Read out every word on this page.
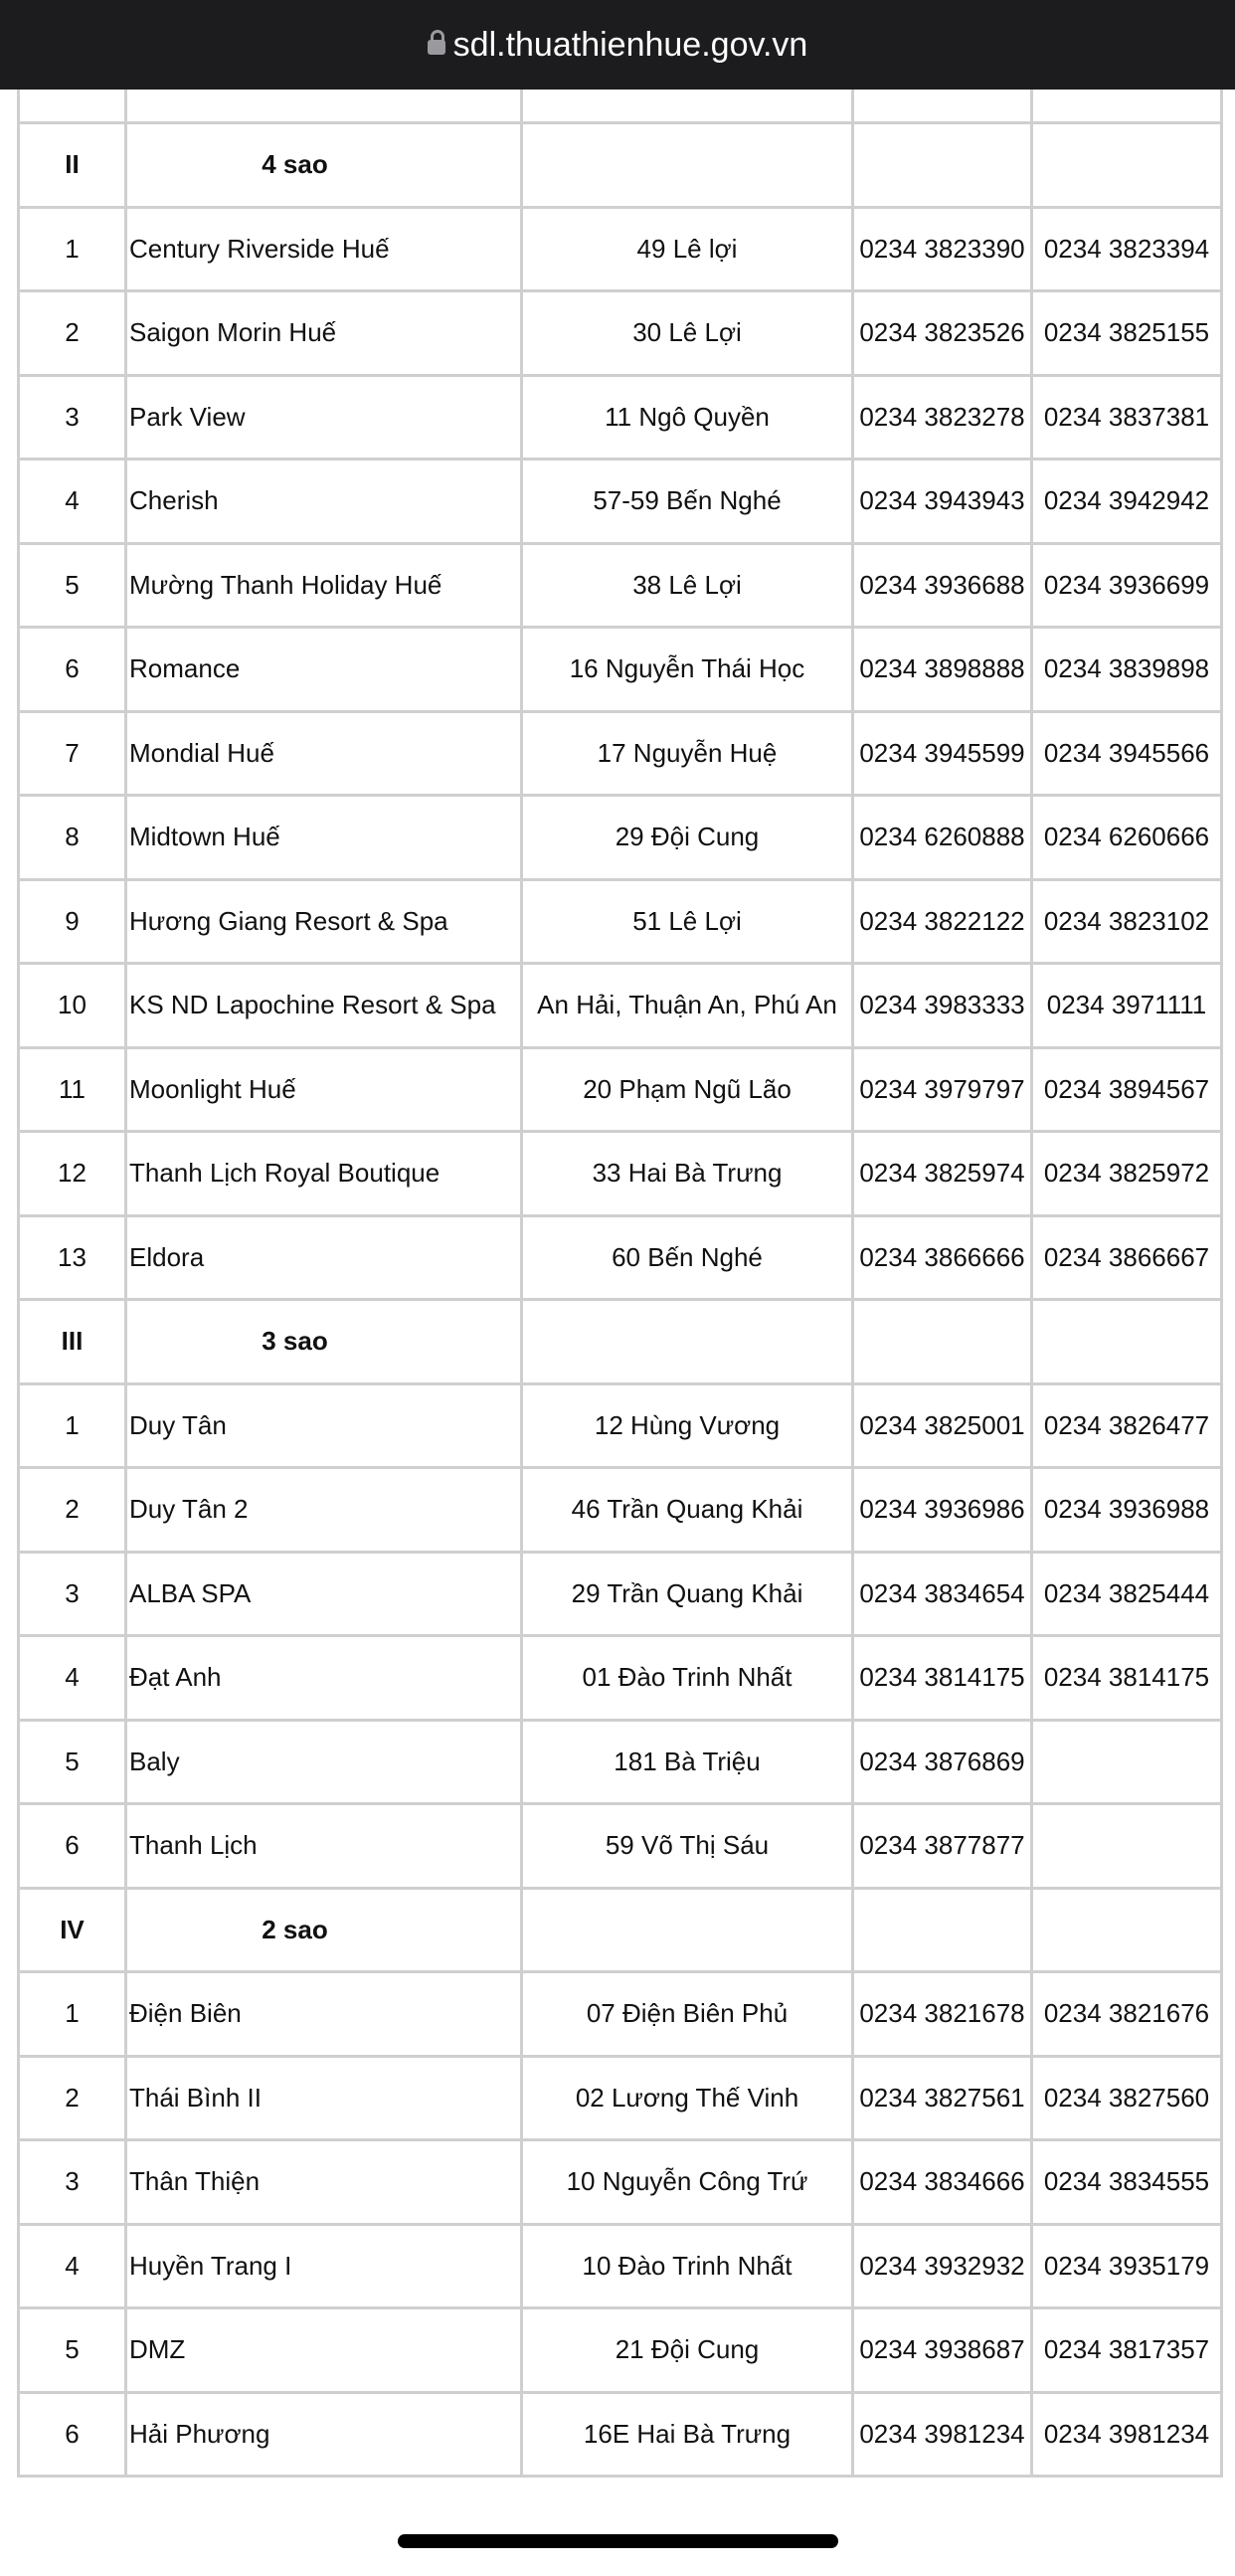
sdl.thuathienhue.gov.vn

II	4 sao			
1	Century Riverside Huế	49 Lê lợi	0234 3823390	0234 3823394
2	Saigon Morin Huế	30 Lê Lợi	0234 3823526	0234 3825155
3	Park View	11 Ngô Quyền	0234 3823278	0234 3837381
4	Cherish	57-59 Bến Nghé	0234 3943943	0234 3942942
5	Mường Thanh Holiday Huế	38 Lê Lợi	0234 3936688	0234 3936699
6	Romance	16 Nguyễn Thái Học	0234 3898888	0234 3839898
7	Mondial Huế	17 Nguyễn Huệ	0234 3945599	0234 3945566
8	Midtown Huế	29 Đội Cung	0234 6260888	0234 6260666
9	Hương Giang Resort & Spa	51 Lê Lợi	0234 3822122	0234 3823102
10	KS ND Lapochine Resort & Spa	An Hải, Thuận An, Phú An	0234 3983333	0234 3971111
11	Moonlight Huế	20 Phạm Ngũ Lão	0234 3979797	0234 3894567
12	Thanh Lịch Royal Boutique	33 Hai Bà Trưng	0234 3825974	0234 3825972
13	Eldora	60 Bến Nghé	0234 3866666	0234 3866667
III	3 sao			
1	Duy Tân	12 Hùng Vương	0234 3825001	0234 3826477
2	Duy Tân 2	46 Trần Quang Khải	0234 3936986	0234 3936988
3	ALBA SPA	29 Trần Quang Khải	0234 3834654	0234 3825444
4	Đạt Anh	01 Đào Trinh Nhất	0234 3814175	0234 3814175
5	Baly	181 Bà Triệu	0234 3876869	
6	Thanh Lịch	59 Võ Thị Sáu	0234 3877877	
IV	2 sao			
1	Điện Biên	07 Điện Biên Phủ	0234 3821678	0234 3821676
2	Thái Bình II	02 Lương Thế Vinh	0234 3827561	0234 3827560
3	Thân Thiện	10 Nguyễn Công Trứ	0234 3834666	0234 3834555
4	Huyền Trang I	10 Đào Trinh Nhất	0234 3932932	0234 3935179
5	DMZ	21 Đội Cung	0234 3938687	0234 3817357
6	Hải Phương	16E Hai Bà Trưng	0234 3981234	0234 3981234
